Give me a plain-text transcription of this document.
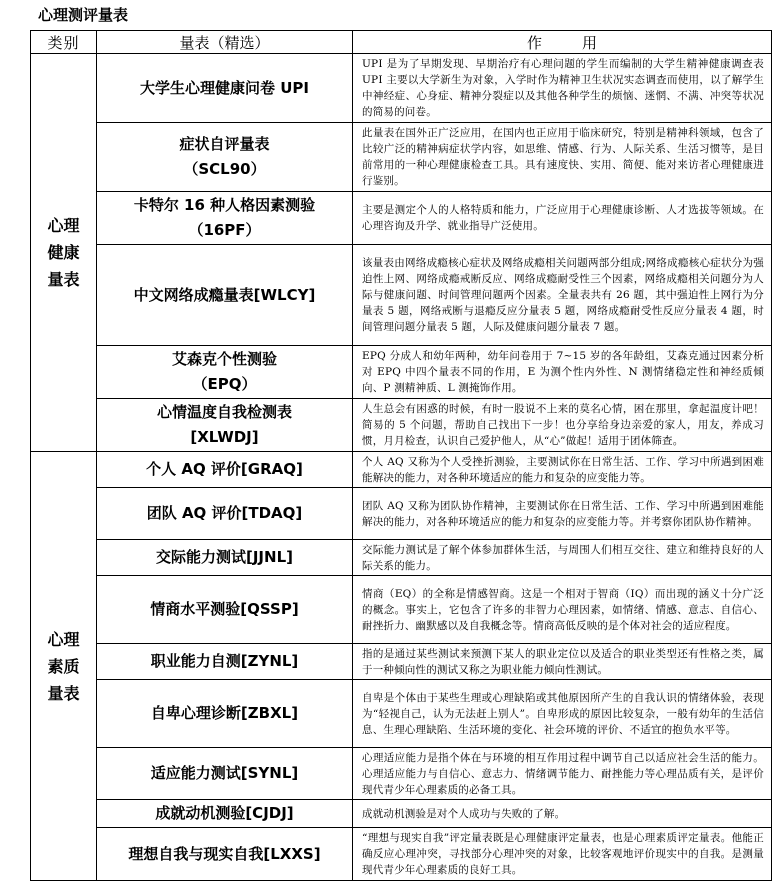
心理测评量表
类别	量表（精选）	作 用

心理
健康
量表	大学生心理健康问卷 UPI	UPI 是为了早期发现、早期治疗有心理问题的学生而编制的大学生精神健康调查表 UPI 主要以大学新生为对象，入学时作为精神卫生状况实态调查而使用，以了解学生中神经症、心身症、精神分裂症以及其他各种学生的烦恼、迷惘、不满、冲突等状况的简易的问卷。

	症状自评量表
（SCL90）	此量表在国外正广泛应用，在国内也正应用于临床研究，特别是精神科领域，包含了比较广泛的精神病症状学内容，如思维、情感、行为、人际关系、生活习惯等，是目前常用的一种心理健康检查工具。具有速度快、实用、简便、能对来访者心理健康进行鉴别。

	卡特尔 16 种人格因素测验
（16PF）	主要是测定个人的人格特质和能力，广泛应用于心理健康诊断、人才选拔等领域。在心理咨询及升学、就业指导广泛使用。

	中文网络成瘾量表[WLCY]	该量表由网络成瘾核心症状及网络成瘾相关问题两部分组成;网络成瘾核心症状分为强迫性上网、网络成瘾戒断反应、网络成瘾耐受性三个因素，网络成瘾相关问题分为人际与健康问题、时间管理问题两个因素。全量表共有 26 题，其中强迫性上网行为分量表 5 题，网络戒断与退瘾反应分量表 5 题，网络成瘾耐受性反应分量表 4 题，时间管理问题分量表 5 题，人际及健康问题分量表 7 题。

	艾森克个性测验
（EPQ）	EPQ 分成人和幼年两种，幼年问卷用于 7~15 岁的各年龄组，艾森克通过因素分析对 EPQ 中四个量表不同的作用，E 为测个性内外性、N 测情绪稳定性和神经质倾向、P 测精神质、L 测掩饰作用。

	心情温度自我检测表
[XLWDJ]	人生总会有困惑的时候，有时一股说不上来的莫名心情，困在那里，拿起温度计吧！简易的 5 个问题，帮助自己找出下一步！也分享给身边亲爱的家人，用友，养成习惯，月月检查，认识自己爱护他人，从“心”做起！适用于团体筛查。

心理
素质
量表	个人 AQ 评价[GRAQ]	个人 AQ 又称为个人受挫折测验，主要测试你在日常生活、工作、学习中所遇到困难能解决的能力，对各种环境适应的能力和复杂的应变能力等。

	团队 AQ 评价[TDAQ]	团队 AQ 又称为团队协作精神，主要测试你在日常生活、工作、学习中所遇到困难能解决的能力，对各种环境适应的能力和复杂的应变能力等。并考察你团队协作精神。

	交际能力测试[JJNL]	交际能力测试是了解个体参加群体生活，与周围人们相互交往、建立和维持良好的人际关系的能力。

	情商水平测验[QSSP]	情商（EQ）的全称是情感智商。这是一个相对于智商（IQ）而出现的涵义十分广泛的概念。事实上，它包含了许多的非智力心理因素，如情绪、情感、意志、自信心、耐挫折力、幽默感以及自我概念等。情商高低反映的是个体对社会的适应程度。

	职业能力自测[ZYNL]	指的是通过某些测试来预测下某人的职业定位以及适合的职业类型还有性格之类，属于一种倾向性的测试又称之为职业能力倾向性测试。

	自卑心理诊断[ZBXL]	自卑是个体由于某些生理或心理缺陷或其他原因所产生的自我认识的情绪体验，表现为“轻视自己，认为无法赶上别人”。自卑形成的原因比较复杂，一般有幼年的生活信息、生理心理缺陷、生活环境的变化、社会环境的评价、不适宜的抱负水平等。

	适应能力测试[SYNL]	心理适应能力是指个体在与环境的相互作用过程中调节自己以适应社会生活的能力。心理适应能力与自信心、意志力、情绪调节能力、耐挫能力等心理品质有关，是评价现代青少年心理素质的必备工具。

	成就动机测验[CJDJ]	成就动机测验是对个人成功与失败的了解。

	理想自我与现实自我[LXXS]	“理想与现实自我”评定量表既是心理健康评定量表，也是心理素质评定量表。他能正确反应心理冲突，寻找部分心理冲突的对象，比较客观地评价现实中的自我。是测量现代青少年心理素质的良好工具。
